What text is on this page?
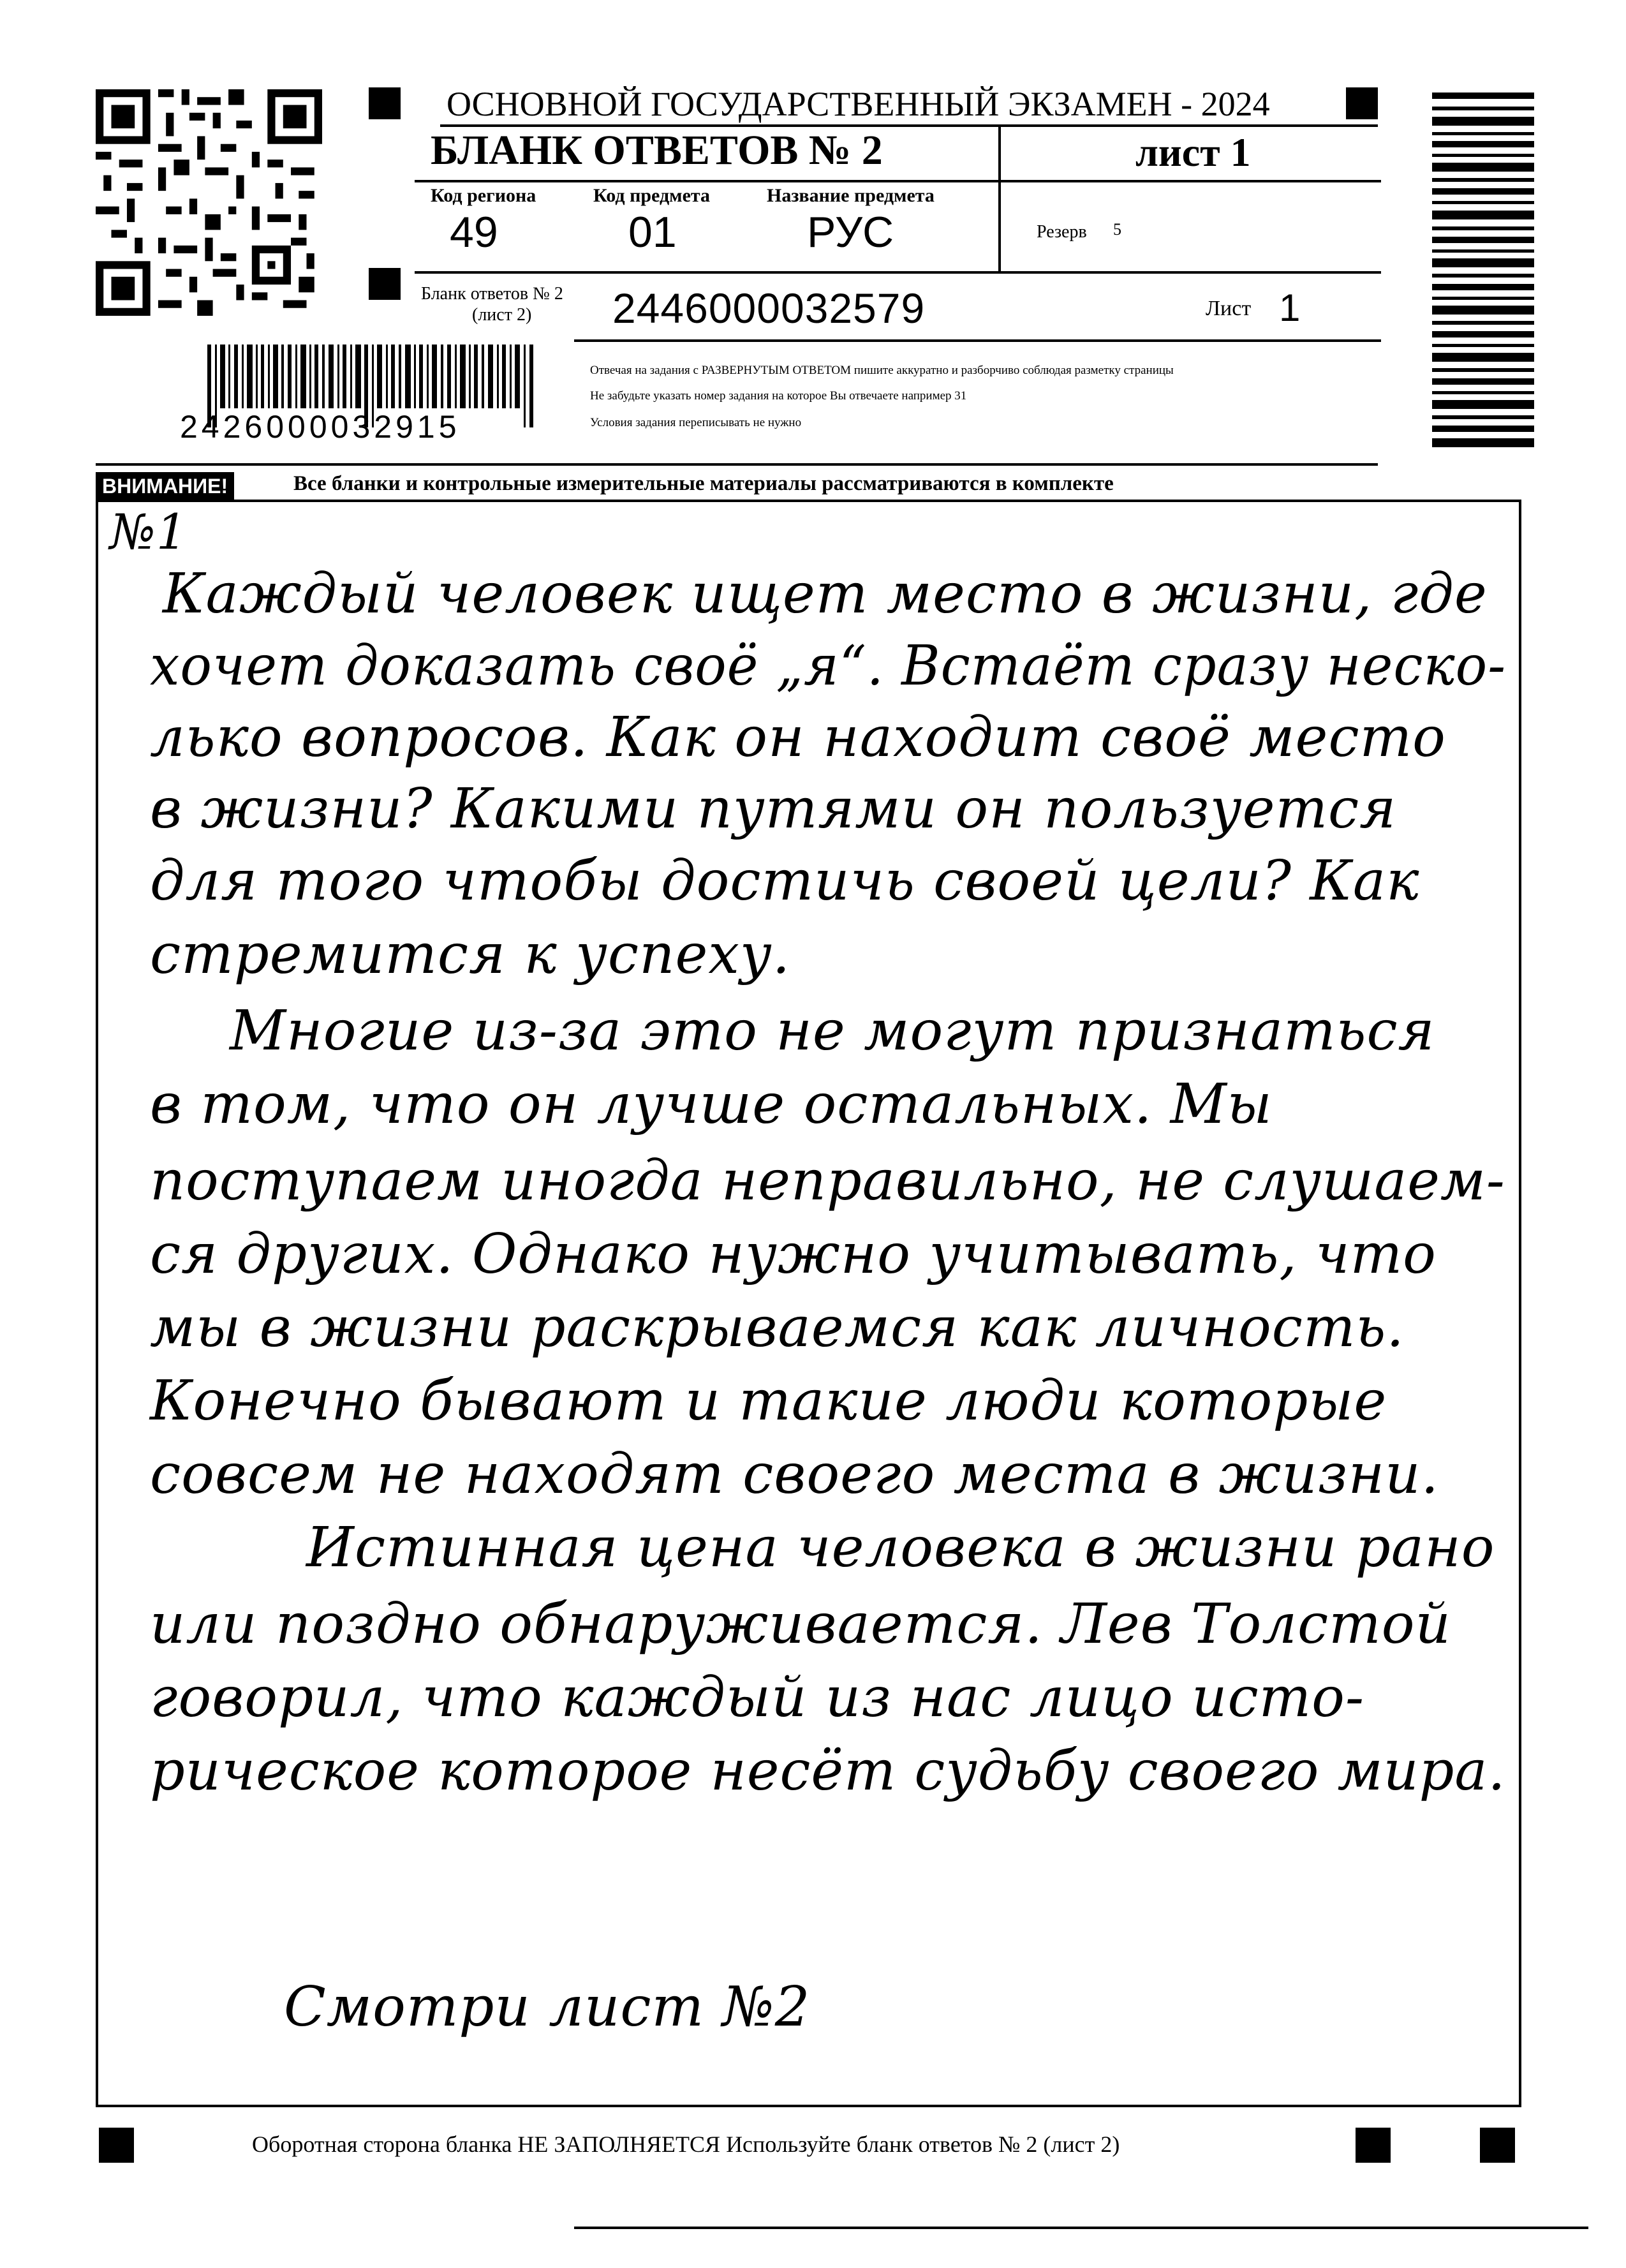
2426000032915
ОСНОВНОЙ ГОСУДАРСТВЕННЫЙ ЭКЗАМЕН - 2024
БЛАНК ОТВЕТОВ № 2	лист 1
Код региона
49
Код предмета
01
Название предмета
РУС	Резерв 5
Бланк ответов № 2
(лист 2) 2446000032579	Лист 1
Отвечая на задания с РАЗВЕРНУТЫМ ОТВЕТОМ пишите аккуратно и разборчиво соблюдая разметку страницы
Не забудьте указать номер задания на которое Вы отвечаете например 31
Условия задания переписывать не нужно
ВНИМАНИЕ!	Все бланки и контрольные измерительные материалы рассматриваются в комплекте
№1
Каждый человек ищет место в жизни, где
хочет доказать своё „я“. Встаёт сразу неско-
лько вопросов. Как он находит своё место
в жизни? Какими путями он пользуется
для того чтобы достичь своей цели? Как
стремится к успеху.
Многие из-за это не могут признаться
в том, что он лучше остальных. Мы
поступаем иногда неправильно, не слушаем-
ся других. Однако нужно учитывать, что
мы в жизни раскрываемся как личность.
Конечно бывают и такие люди которые
совсем не находят своего места в жизни.
Истинная цена человека в жизни рано
или поздно обнаруживается. Лев Толстой
говорил, что каждый из нас лицо исто-
рическое которое несёт судьбу своего мира.
Смотри лист №2
Оборотная сторона бланка НЕ ЗАПОЛНЯЕТСЯ Используйте бланк ответов № 2 (лист 2)
